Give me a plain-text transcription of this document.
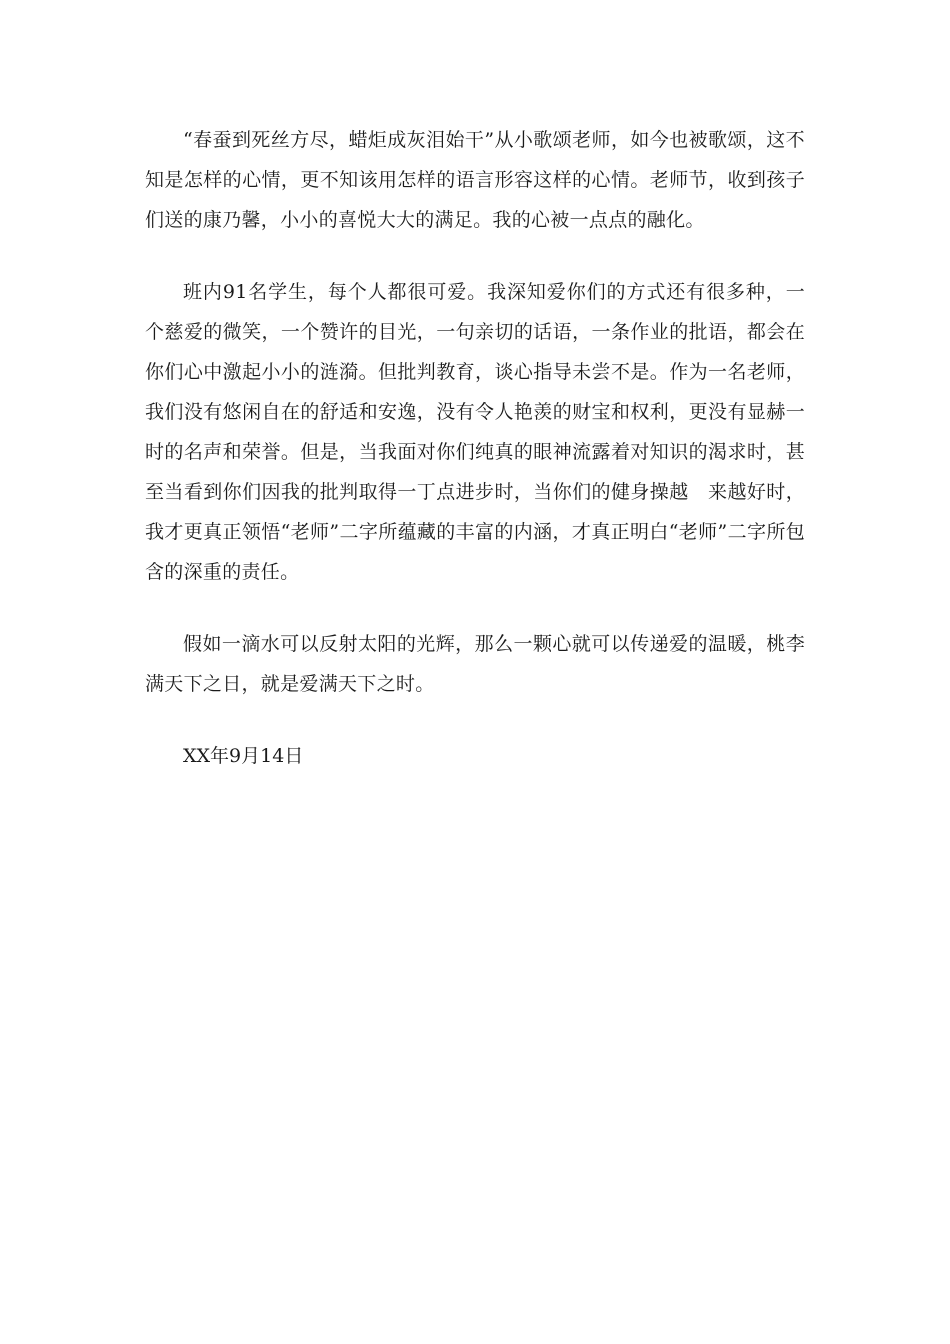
“春蚕到死丝方尽，蜡炬成灰泪始干”从小歌颂老师，如今也被歌颂，这不知是怎样的心情，更不知该用怎样的语言形容这样的心情。老师节，收到孩子们送的康乃馨，小小的喜悦大大的满足。我的心被一点点的融化。

班内91名学生，每个人都很可爱。我深知爱你们的方式还有很多种，一个慈爱的微笑，一个赞许的目光，一句亲切的话语，一条作业的批语，都会在你们心中激起小小的涟漪。但批判教育，谈心指导未尝不是。作为一名老师，我们没有悠闲自在的舒适和安逸，没有令人艳羡的财宝和权利，更没有显赫一时的名声和荣誉。但是，当我面对你们纯真的眼神流露着对知识的渴求时，甚至当看到你们因我的批判取得一丁点进步时，当你们的健身操越　来越好时，我才更真正领悟“老师”二字所蕴藏的丰富的内涵，才真正明白“老师”二字所包含的深重的责任。

假如一滴水可以反射太阳的光辉，那么一颗心就可以传递爱的温暖，桃李满天下之日，就是爱满天下之时。

XX年9月14日
